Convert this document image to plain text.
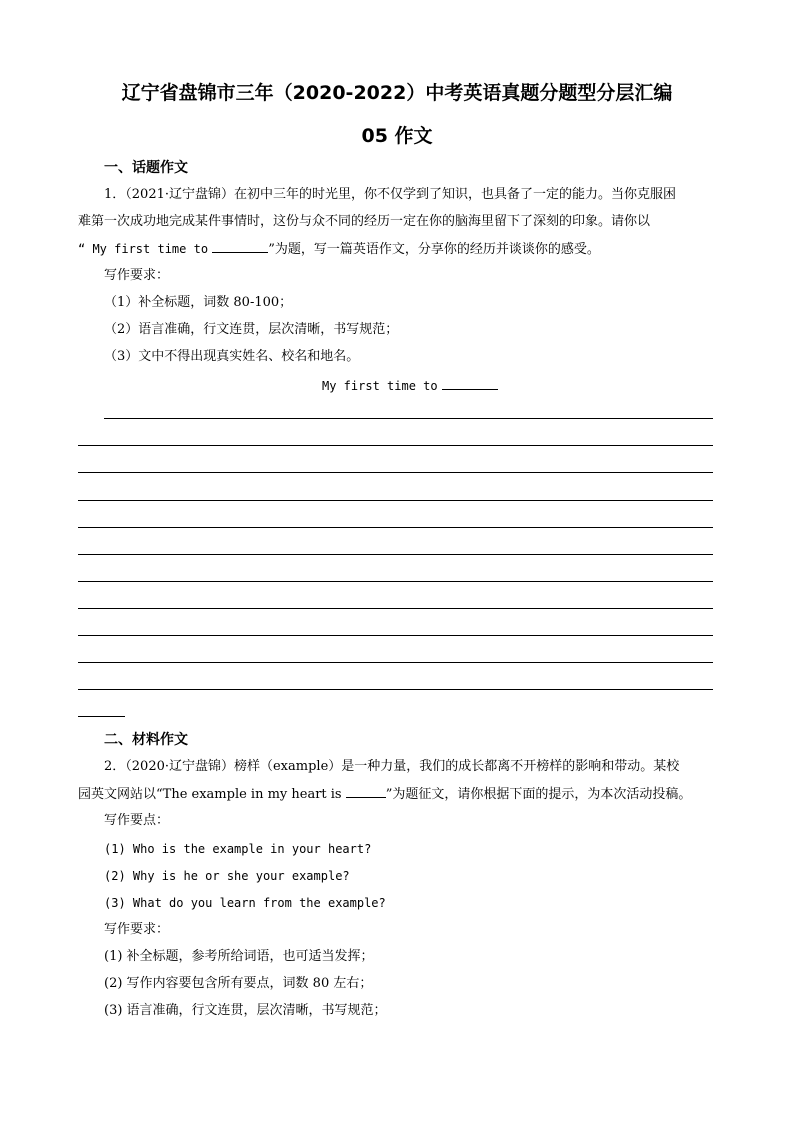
辽宁省盘锦市三年（2020-2022）中考英语真题分题型分层汇编
05 作文
一、话题作文
1．（2021·辽宁盘锦）在初中三年的时光里，你不仅学到了知识，也具备了一定的能力。当你克服困
难第一次成功地完成某件事情时，这份与众不同的经历一定在你的脑海里留下了深刻的印象。请你以
“ My first time to	”为题，写一篇英语作文，分享你的经历并谈谈你的感受。
写作要求：
（1）补全标题，词数 80-100；
（2）语言准确，行文连贯，层次清晰，书写规范；
（3）文中不得出现真实姓名、校名和地名。
My first time to
二、材料作文
2．（2020·辽宁盘锦）榜样（example）是一种力量，我们的成长都离不开榜样的影响和带动。某校
园英文网站以“The example in my heart is	”为题征文，请你根据下面的提示，为本次活动投稿。
写作要点：
(1) Who is the example in your heart?
(2) Why is he or she your example?
(3) What do you learn from the example?
写作要求：
(1) 补全标题，参考所给词语，也可适当发挥；
(2) 写作内容要包含所有要点，词数 80 左右；
(3) 语言准确，行文连贯，层次清晰，书写规范；
